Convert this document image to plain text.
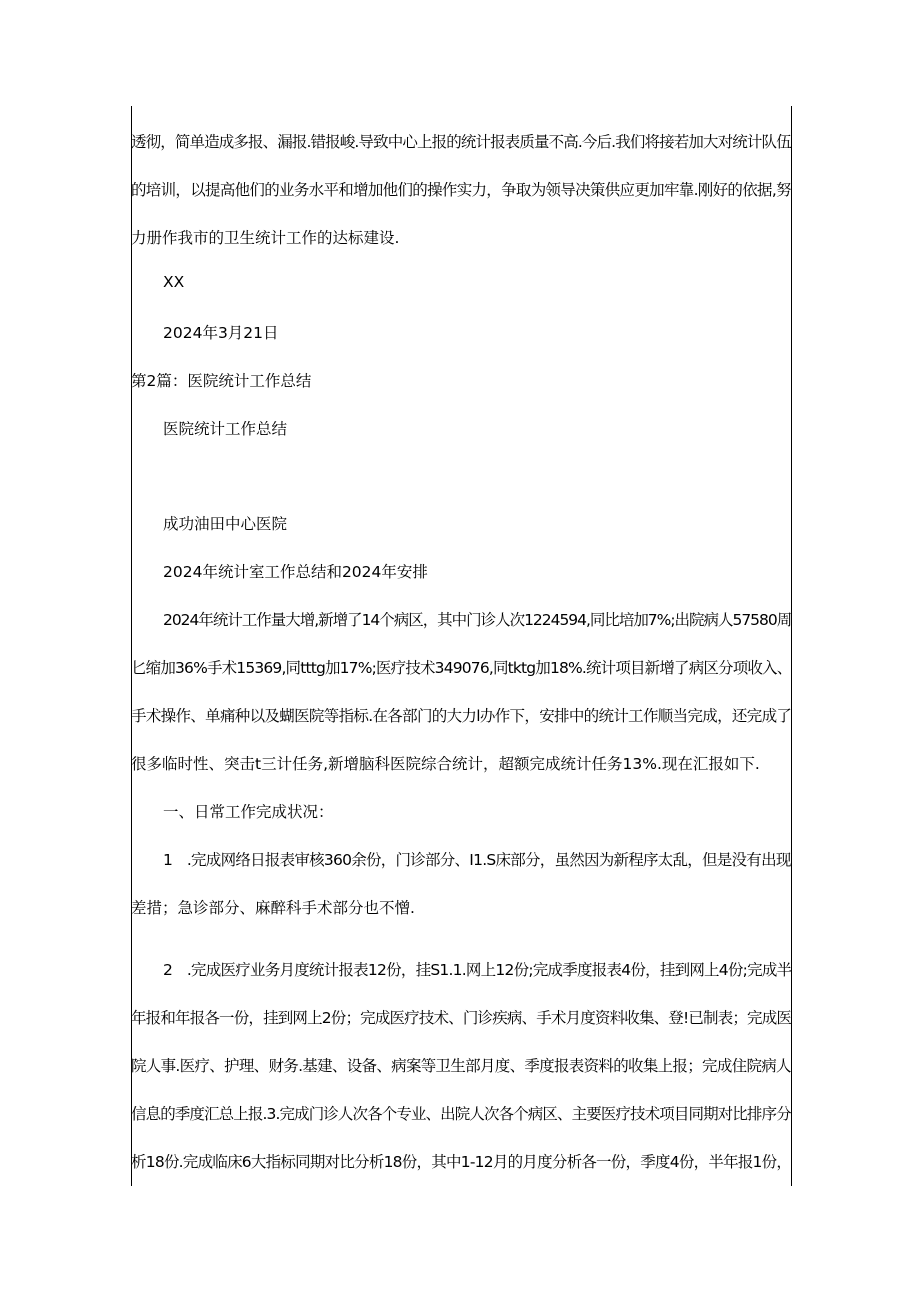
透彻，简单造成多报、漏报.错报峻.导致中心上报的统计报表质量不高.今后.我们将接若加大对统计队伍
的培训，以提高他们的业务水平和增加他们的操作实力，争取为领导决策供应更加牢靠.刚好的依据,努
力册作我市的卫生统计工作的达标建设.
XX
2024年3月21日
第2篇：医院统计工作总结
医院统计工作总结
成功油田中心医院
2024年统计室工作总结和2024年安排
2024年统计工作量大增,新增了14个病区，其中门诊人次1224594,同比培加7%;出院病人57580周
匕缩加36%手术15369,同tttg加17%;医疗技术349076,同tktg加18%.统计项目新增了病区分项收入、
手术操作、单痛种以及蝴医院等指标.在各部门的大力l办作下，安排中的统计工作顺当完成，还完成了
很多临时性、突击t三计任务,新增脑科医院综合统计，超额完成统计任务13%.现在汇报如下.
一、日常工作完成状况：
1　.完成网络日报表审核360余份，门诊部分、I1.S床部分，虽然因为新程序太乱，但是没有出现
差措；急诊部分、麻醉科手术部分也不憎.
2　.完成医疗业务月度统计报表12份，挂S1.1.网上12份;完成季度报表4份，挂到网上4份;完成半
年报和年报各一份，挂到网上2份；完成医疗技术、门诊疾病、手术月度资料收集、登!已制表；完成医
院人事.医疗、护理、财务.基建、设备、病案等卫生部月度、季度报表资料的收集上报；完成住院病人
信息的季度汇总上报.3.完成门诊人次各个专业、出院人次各个病区、主要医疗技术项目同期对比排序分
析18份.完成临床6大指标同期对比分析18份，其中1-12月的月度分析各一份，季度4份，半年报1份，
